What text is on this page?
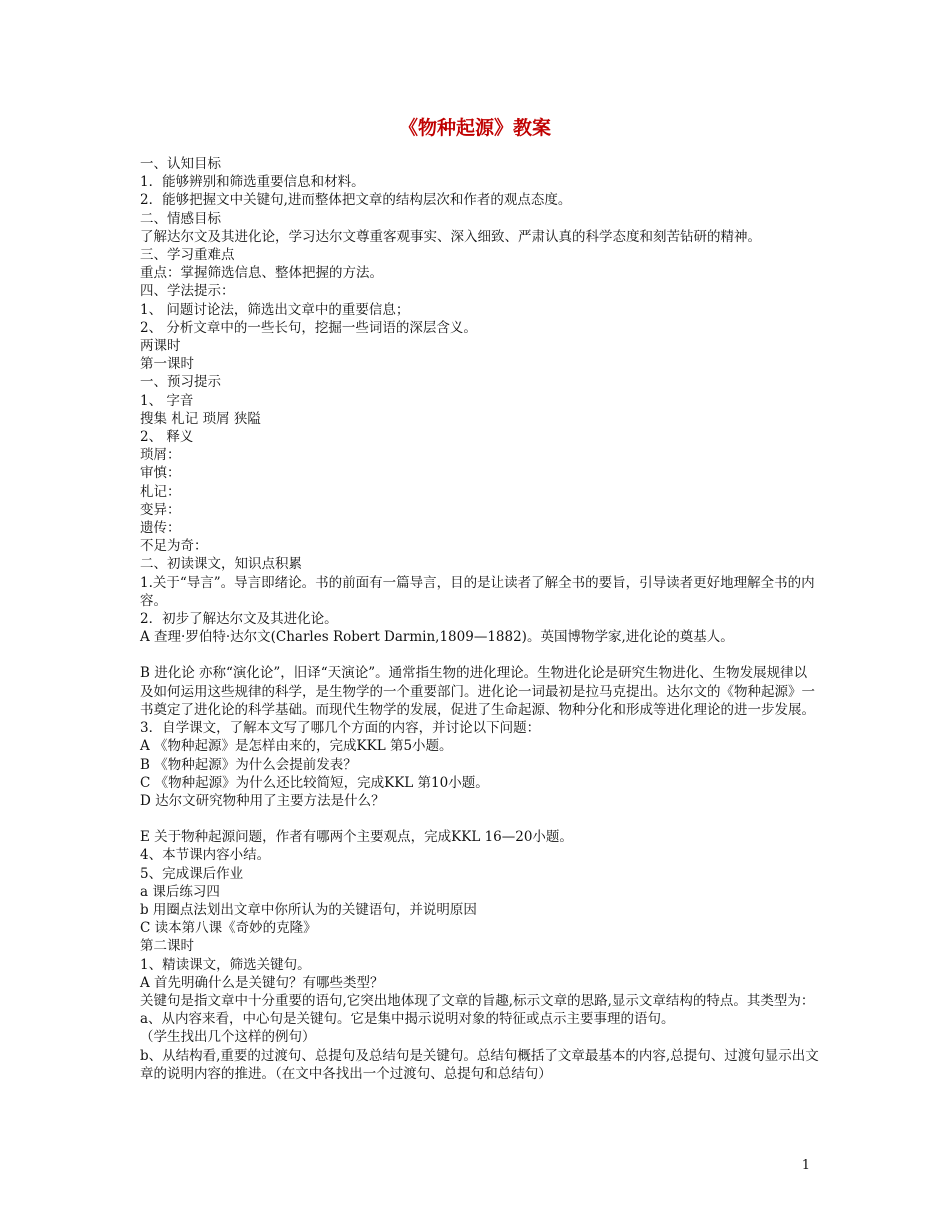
《物种起源》教案
一、认知目标
1．能够辨别和筛选重要信息和材料。
2．能够把握文中关键句,进而整体把文章的结构层次和作者的观点态度。
二、情感目标
了解达尔文及其进化论，学习达尔文尊重客观事实、深入细致、严肃认真的科学态度和刻苦钻研的精神。
三、学习重难点
重点：掌握筛选信息、整体把握的方法。
四、学法提示：
1、 问题讨论法，筛选出文章中的重要信息；
2、 分析文章中的一些长句，挖掘一些词语的深层含义。
两课时
第一课时
一、预习提示
1、 字音
搜集 札记 琐屑 狭隘
2、 释义
琐屑：
审慎：
札记：
变异：
遗传：
不足为奇：
二、初读课文，知识点积累
1.关于“导言”。导言即绪论。书的前面有一篇导言，目的是让读者了解全书的要旨，引导读者更好地理解全书的内容。
2．初步了解达尔文及其进化论。
A 查理·罗伯特·达尔文(Charles Robert Darmin,1809—1882)。英国博物学家,进化论的奠基人。
B 进化论 亦称“演化论”，旧译“天演论”。通常指生物的进化理论。生物进化论是研究生物进化、生物发展规律以及如何运用这些规律的科学，是生物学的一个重要部门。进化论一词最初是拉马克提出。达尔文的《物种起源》一书奠定了进化论的科学基础。而现代生物学的发展，促进了生命起源、物种分化和形成等进化理论的进一步发展。
3．自学课文，了解本文写了哪几个方面的内容，并讨论以下问题：
A 《物种起源》是怎样由来的，完成KKL 第5小题。
B 《物种起源》为什么会提前发表？
C 《物种起源》为什么还比较简短，完成KKL 第10小题。
D 达尔文研究物种用了主要方法是什么？
E 关于物种起源问题，作者有哪两个主要观点，完成KKL 16—20小题。
4、本节课内容小结。
5、完成课后作业
a 课后练习四
b 用圈点法划出文章中你所认为的关键语句，并说明原因
C 读本第八课《奇妙的克隆》
第二课时
1、精读课文，筛选关键句。
A 首先明确什么是关键句？有哪些类型？
关键句是指文章中十分重要的语句,它突出地体现了文章的旨趣,标示文章的思路,显示文章结构的特点。其类型为：
a、从内容来看，中心句是关键句。它是集中揭示说明对象的特征或点示主要事理的语句。
（学生找出几个这样的例句）
b、从结构看,重要的过渡句、总提句及总结句是关键句。总结句概括了文章最基本的内容,总提句、过渡句显示出文章的说明内容的推进。（在文中各找出一个过渡句、总提句和总结句）
1
